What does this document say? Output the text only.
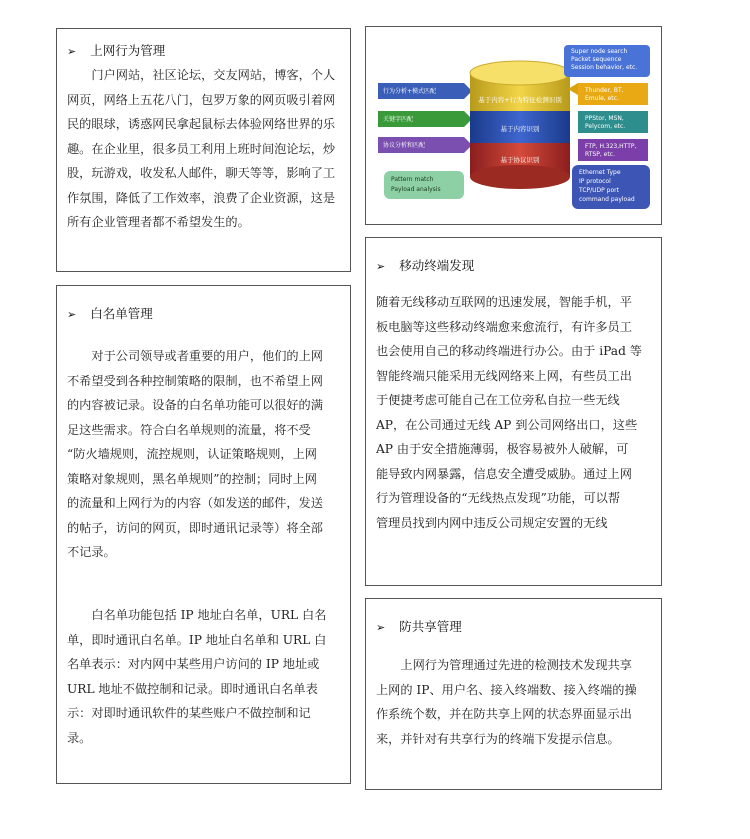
➢ 上网行为管理

门户网站，社区论坛，交友网站，博客，个人

网页，网络上五花八门，包罗万象的网页吸引着网

民的眼球，诱惑网民拿起鼠标去体验网络世界的乐

趣。在企业里，很多员工利用上班时间泡论坛，炒

股，玩游戏，收发私人邮件，聊天等等，影响了工

作氛围，降低了工作效率，浪费了企业资源，这是

所有企业管理者都不希望发生的。

行为分析+模式匹配
关键字匹配
协议分析和匹配
Pattern match
Payload analysis
基于内容+行为特征检测识别
基于内容识别
基于协议识别
Super node search
Packet sequence
Session behavior, etc.
Thunder, BT,
Emule, etc.
PPStor, MSN,
Pelycom, etc.
FTP, H.323,HTTP,
RTSP, etc.
Ethernet Type
IP protocol
TCP/UDP port
command payload
➢ 移动终端发现

随着无线移动互联网的迅速发展，智能手机，平

板电脑等这些移动终端愈来愈流行，有许多员工

也会使用自己的移动终端进行办公。由于 iPad 等

智能终端只能采用无线网络来上网，有些员工出

于便捷考虑可能自己在工位旁私自拉一些无线

AP，在公司通过无线 AP 到公司网络出口，这些

AP 由于安全措施薄弱，极容易被外人破解，可

能导致内网暴露，信息安全遭受威胁。通过上网

行为管理设备的“无线热点发现”功能，可以帮

管理员找到内网中违反公司规定安置的无线

➢ 白名单管理

对于公司领导或者重要的用户，他们的上网

不希望受到各种控制策略的限制，也不希望上网

的内容被记录。设备的白名单功能可以很好的满

足这些需求。符合白名单规则的流量，将不受

“防火墙规则，流控规则，认证策略规则，上网

策略对象规则，黑名单规则”的控制；同时上网

的流量和上网行为的内容（如发送的邮件，发送

的帖子，访问的网页，即时通讯记录等）将全部

不记录。

白名单功能包括 IP 地址白名单，URL 白名

单，即时通讯白名单。IP 地址白名单和 URL 白

名单表示：对内网中某些用户访问的 IP 地址或

URL 地址不做控制和记录。即时通讯白名单表

示：对即时通讯软件的某些账户不做控制和记

录。

➢ 防共享管理

上网行为管理通过先进的检测技术发现共享

上网的 IP、用户名、接入终端数、接入终端的操

作系统个数，并在防共享上网的状态界面显示出

来，并针对有共享行为的终端下发提示信息。
